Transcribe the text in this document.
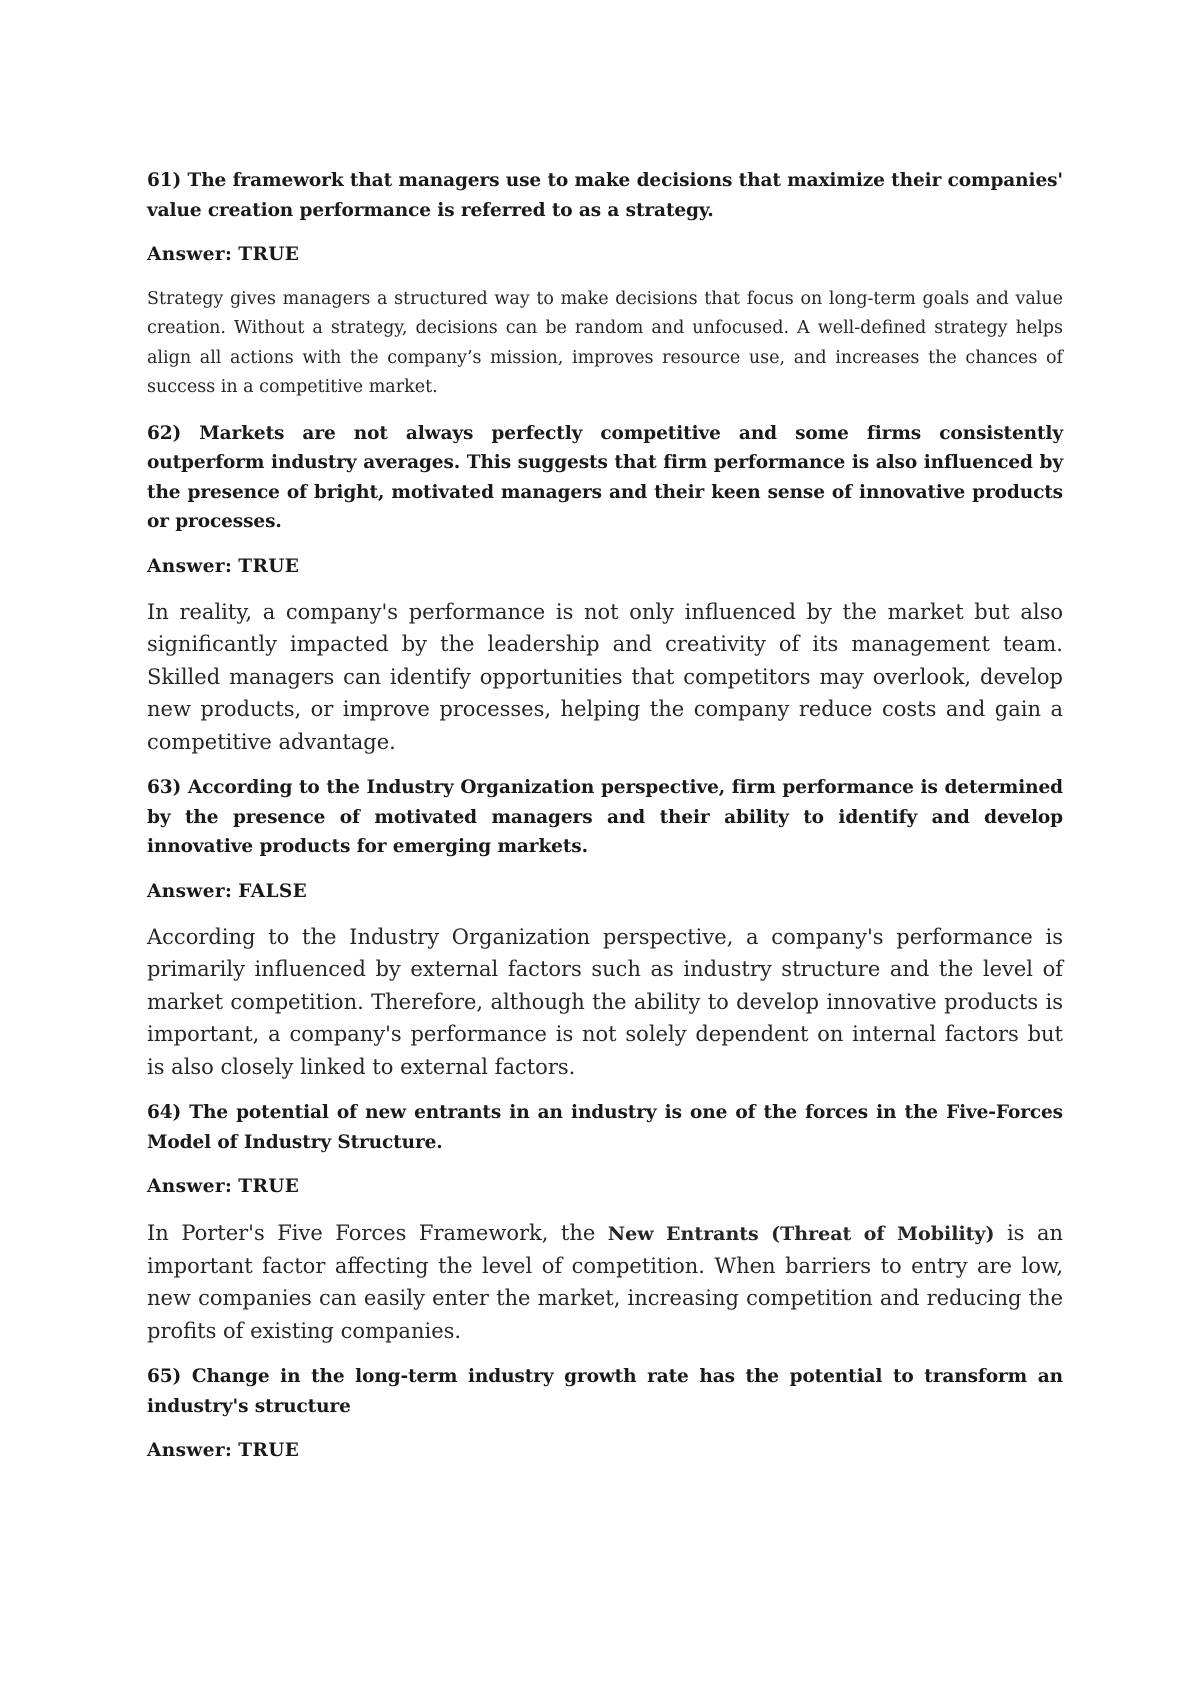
61) The framework that managers use to make decisions that maximize their companies' value creation performance is referred to as a strategy.

Answer: TRUE

Strategy gives managers a structured way to make decisions that focus on long-term goals and value creation. Without a strategy, decisions can be random and unfocused. A well-defined strategy helps align all actions with the company’s mission, improves resource use, and increases the chances of success in a competitive market.

62) Markets are not always perfectly competitive and some firms consistently outperform industry averages. This suggests that firm performance is also influenced by the presence of bright, motivated managers and their keen sense of innovative products or processes.

Answer: TRUE

In reality, a company's performance is not only influenced by the market but also significantly impacted by the leadership and creativity of its management team. Skilled managers can identify opportunities that competitors may overlook, develop new products, or improve processes, helping the company reduce costs and gain a competitive advantage.

63) According to the Industry Organization perspective, firm performance is determined by the presence of motivated managers and their ability to identify and develop innovative products for emerging markets.

Answer: FALSE

According to the Industry Organization perspective, a company's performance is primarily influenced by external factors such as industry structure and the level of market competition. Therefore, although the ability to develop innovative products is important, a company's performance is not solely dependent on internal factors but is also closely linked to external factors.

64) The potential of new entrants in an industry is one of the forces in the Five-Forces Model of Industry Structure.

Answer: TRUE

In Porter's Five Forces Framework, the New Entrants (Threat of Mobility) is an important factor affecting the level of competition. When barriers to entry are low, new companies can easily enter the market, increasing competition and reducing the profits of existing companies.

65) Change in the long-term industry growth rate has the potential to transform an industry's structure

Answer: TRUE
